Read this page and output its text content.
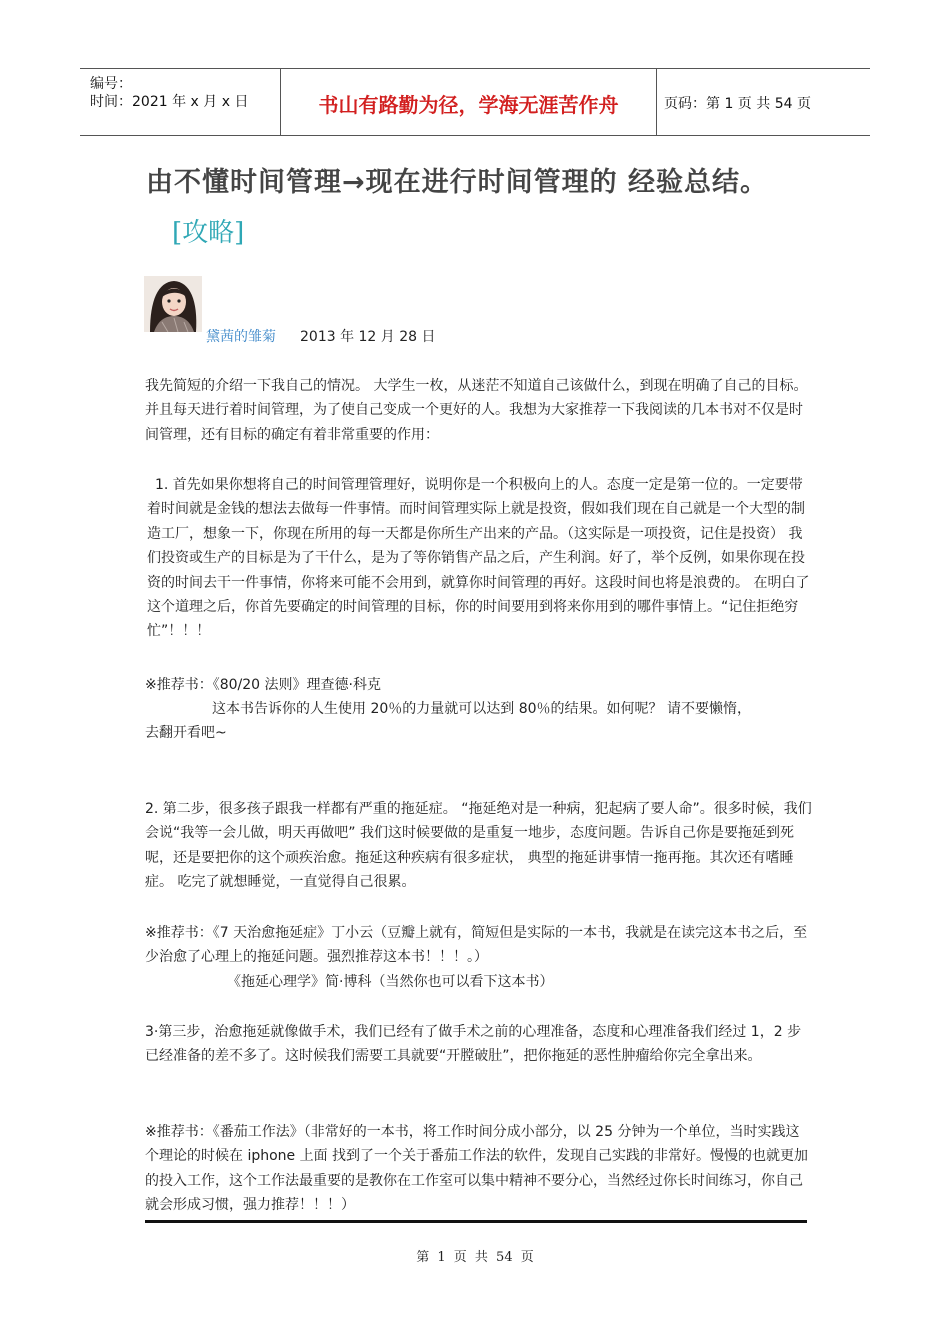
编号：
时间：2021 年 x 月 x 日	书山有路勤为径，学海无涯苦作舟	页码：第 1 页 共 54 页
由不懂时间管理→现在进行时间管理的 经验总结。
[攻略]
黛茜的雏菊 2013 年 12 月 28 日

我先简短的介绍一下我自己的情况。 大学生一枚，从迷茫不知道自己该做什么，到现在明确了自己的目标。并且每天进行着时间管理，为了使自己变成一个更好的人。我想为大家推荐一下我阅读的几本书对不仅是时间管理，还有目标的确定有着非常重要的作用：

1. 首先如果你想将自己的时间管理管理好，说明你是一个积极向上的人。态度一定是第一位的。一定要带着时间就是金钱的想法去做每一件事情。而时间管理实际上就是投资，假如我们现在自己就是一个大型的制造工厂，想象一下，你现在所用的每一天都是你所生产出来的产品。（这实际是一项投资，记住是投资） 我们投资或生产的目标是为了干什么，是为了等你销售产品之后，产生利润。好了，举个反例，如果你现在投资的时间去干一件事情，你将来可能不会用到，就算你时间管理的再好。这段时间也将是浪费的。 在明白了这个道理之后，你首先要确定的时间管理的目标，你的时间要用到将来你用到的哪件事情上。“记住拒绝穷忙”！！！

※推荐书：《80/20 法则》理查德·科克

这本书告诉你的人生使用 20％的力量就可以达到 80％的结果。如何呢？ 请不要懒惰，

去翻开看吧~

2. 第二步，很多孩子跟我一样都有严重的拖延症。 “拖延绝对是一种病，犯起病了要人命”。很多时候，我们会说“我等一会儿做，明天再做吧” 我们这时候要做的是重复一地步，态度问题。告诉自己你是要拖延到死呢，还是要把你的这个顽疾治愈。拖延这种疾病有很多症状， 典型的拖延讲事情一拖再拖。其次还有嗜睡症。 吃完了就想睡觉，一直觉得自己很累。

※推荐书：《7 天治愈拖延症》丁小云（豆瓣上就有，简短但是实际的一本书，我就是在读完这本书之后，至少治愈了心理上的拖延问题。强烈推荐这本书！！！。）

《拖延心理学》简·博科（当然你也可以看下这本书）

3·第三步，治愈拖延就像做手术，我们已经有了做手术之前的心理准备，态度和心理准备我们经过 1，2 步已经准备的差不多了。这时候我们需要工具就要“开膛破肚”，把你拖延的恶性肿瘤给你完全拿出来。

※推荐书：《番茄工作法》（非常好的一本书，将工作时间分成小部分，以 25 分钟为一个单位，当时实践这个理论的时候在 iphone 上面 找到了一个关于番茄工作法的软件，发现自己实践的非常好。慢慢的也就更加的投入工作，这个工作法最重要的是教你在工作室可以集中精神不要分心，当然经过你长时间练习，你自己就会形成习惯，强力推荐！！！）

第 1 页 共 54 页
